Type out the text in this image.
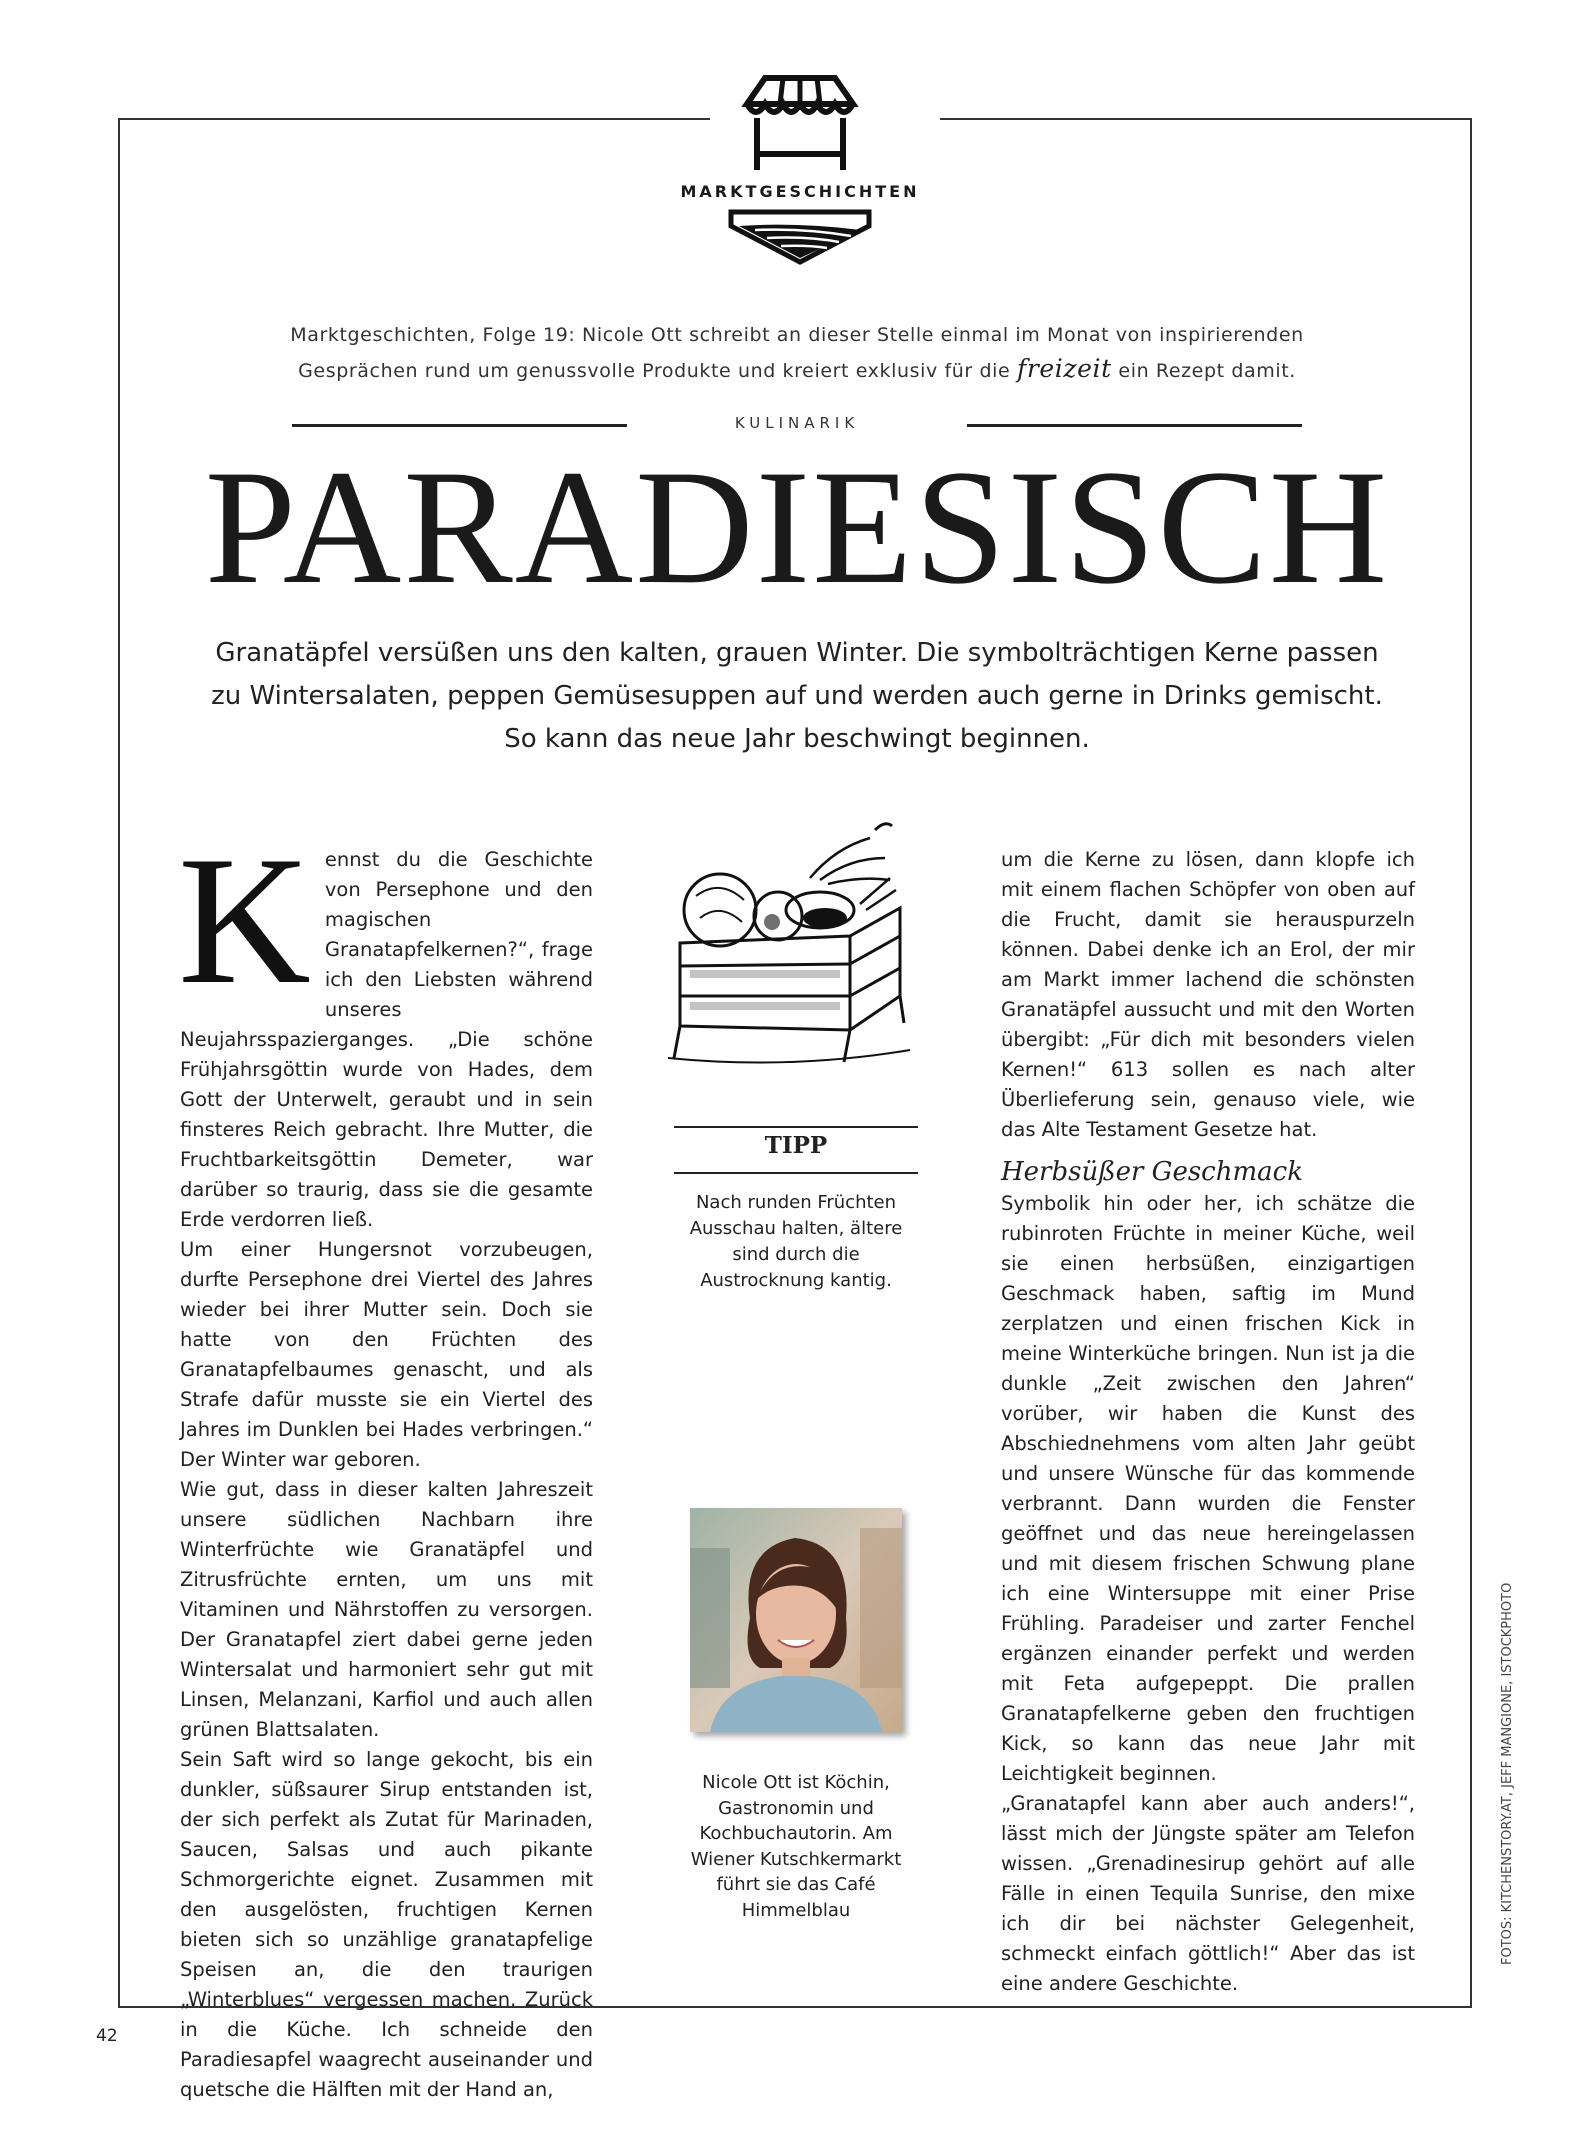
MARKTGESCHICHTEN
Marktgeschichten, Folge 19: Nicole Ott schreibt an dieser Stelle einmal im Monat von inspirierenden
Gesprächen rund um genussvolle Produkte und kreiert exklusiv für die freizeit ein Rezept damit.
KULINARIK
PARADIESISCH
Granatäpfel versüßen uns den kalten, grauen Winter. Die symbolträchtigen Kerne passen
zu Wintersalaten, peppen Gemüsesuppen auf und werden auch gerne in Drinks gemischt.
So kann das neue Jahr beschwingt beginnen.
K ennst du die Geschichte von Persephone und den magischen Granatapfelkernen?“, frage ich den Liebsten während unseres Neujahrsspazierganges. „Die schöne Frühjahrsgöttin wurde von Hades, dem Gott der Unterwelt, geraubt und in sein finsteres Reich gebracht. Ihre Mutter, die Fruchtbarkeitsgöttin Demeter, war darüber so traurig, dass sie die gesamte Erde verdorren ließ.

Um einer Hungersnot vorzubeugen, durfte Persephone drei Viertel des Jahres wieder bei ihrer Mutter sein. Doch sie hatte von den Früchten des Granatapfelbaumes genascht, und als Strafe dafür musste sie ein Viertel des Jahres im Dunklen bei Hades verbringen.“ Der Winter war geboren.

Wie gut, dass in dieser kalten Jahreszeit unsere südlichen Nachbarn ihre Winterfrüchte wie Granatäpfel und Zitrusfrüchte ernten, um uns mit Vitaminen und Nährstoffen zu versorgen. Der Granatapfel ziert dabei gerne jeden Wintersalat und harmoniert sehr gut mit Linsen, Melanzani, Karfiol und auch allen grünen Blattsalaten.

Sein Saft wird so lange gekocht, bis ein dunkler, süßsaurer Sirup entstanden ist, der sich perfekt als Zutat für Marinaden, Saucen, Salsas und auch pikante Schmorgerichte eignet. Zusammen mit den ausgelösten, fruchtigen Kernen bieten sich so unzählige granatapfelige Speisen an, die den traurigen „Winterblues“ vergessen machen. Zurück in die Küche. Ich schneide den Paradiesapfel waagrecht auseinander und quetsche die Hälften mit der Hand an,

TIPP
Nach runden Früchten Ausschau halten, ältere sind durch die Austrocknung kantig.
Nicole Ott ist Köchin, Gastronomin und Kochbuchautorin. Am Wiener Kutschkermarkt führt sie das Café Himmelblau

um die Kerne zu lösen, dann klopfe ich mit einem flachen Schöpfer von oben auf die Frucht, damit sie herauspurzeln können. Dabei denke ich an Erol, der mir am Markt immer lachend die schönsten Granatäpfel aussucht und mit den Worten übergibt: „Für dich mit besonders vielen Kernen!“ 613 sollen es nach alter Überlieferung sein, genauso viele, wie das Alte Testament Gesetze hat.

Herbsüßer Geschmack

Symbolik hin oder her, ich schätze die rubinroten Früchte in meiner Küche, weil sie einen herbsüßen, einzigartigen Geschmack haben, saftig im Mund zerplatzen und einen frischen Kick in meine Winterküche bringen. Nun ist ja die dunkle „Zeit zwischen den Jahren“ vorüber, wir haben die Kunst des Abschiednehmens vom alten Jahr geübt und unsere Wünsche für das kommende verbrannt. Dann wurden die Fenster geöffnet und das neue hereingelassen und mit diesem frischen Schwung plane ich eine Wintersuppe mit einer Prise Frühling. Paradeiser und zarter Fenchel ergänzen einander perfekt und werden mit Feta aufgepeppt. Die prallen Granatapfelkerne geben den fruchtigen Kick, so kann das neue Jahr mit Leichtigkeit beginnen.

„Granatapfel kann aber auch anders!“, lässt mich der Jüngste später am Telefon wissen. „Grenadinesirup gehört auf alle Fälle in einen Tequila Sunrise, den mixe ich dir bei nächster Gelegenheit, schmeckt einfach göttlich!“ Aber das ist eine andere Geschichte.

FOTOS: KITCHENSTORY.AT, JEFF MANGIONE, ISTOCKPHOTO
42
